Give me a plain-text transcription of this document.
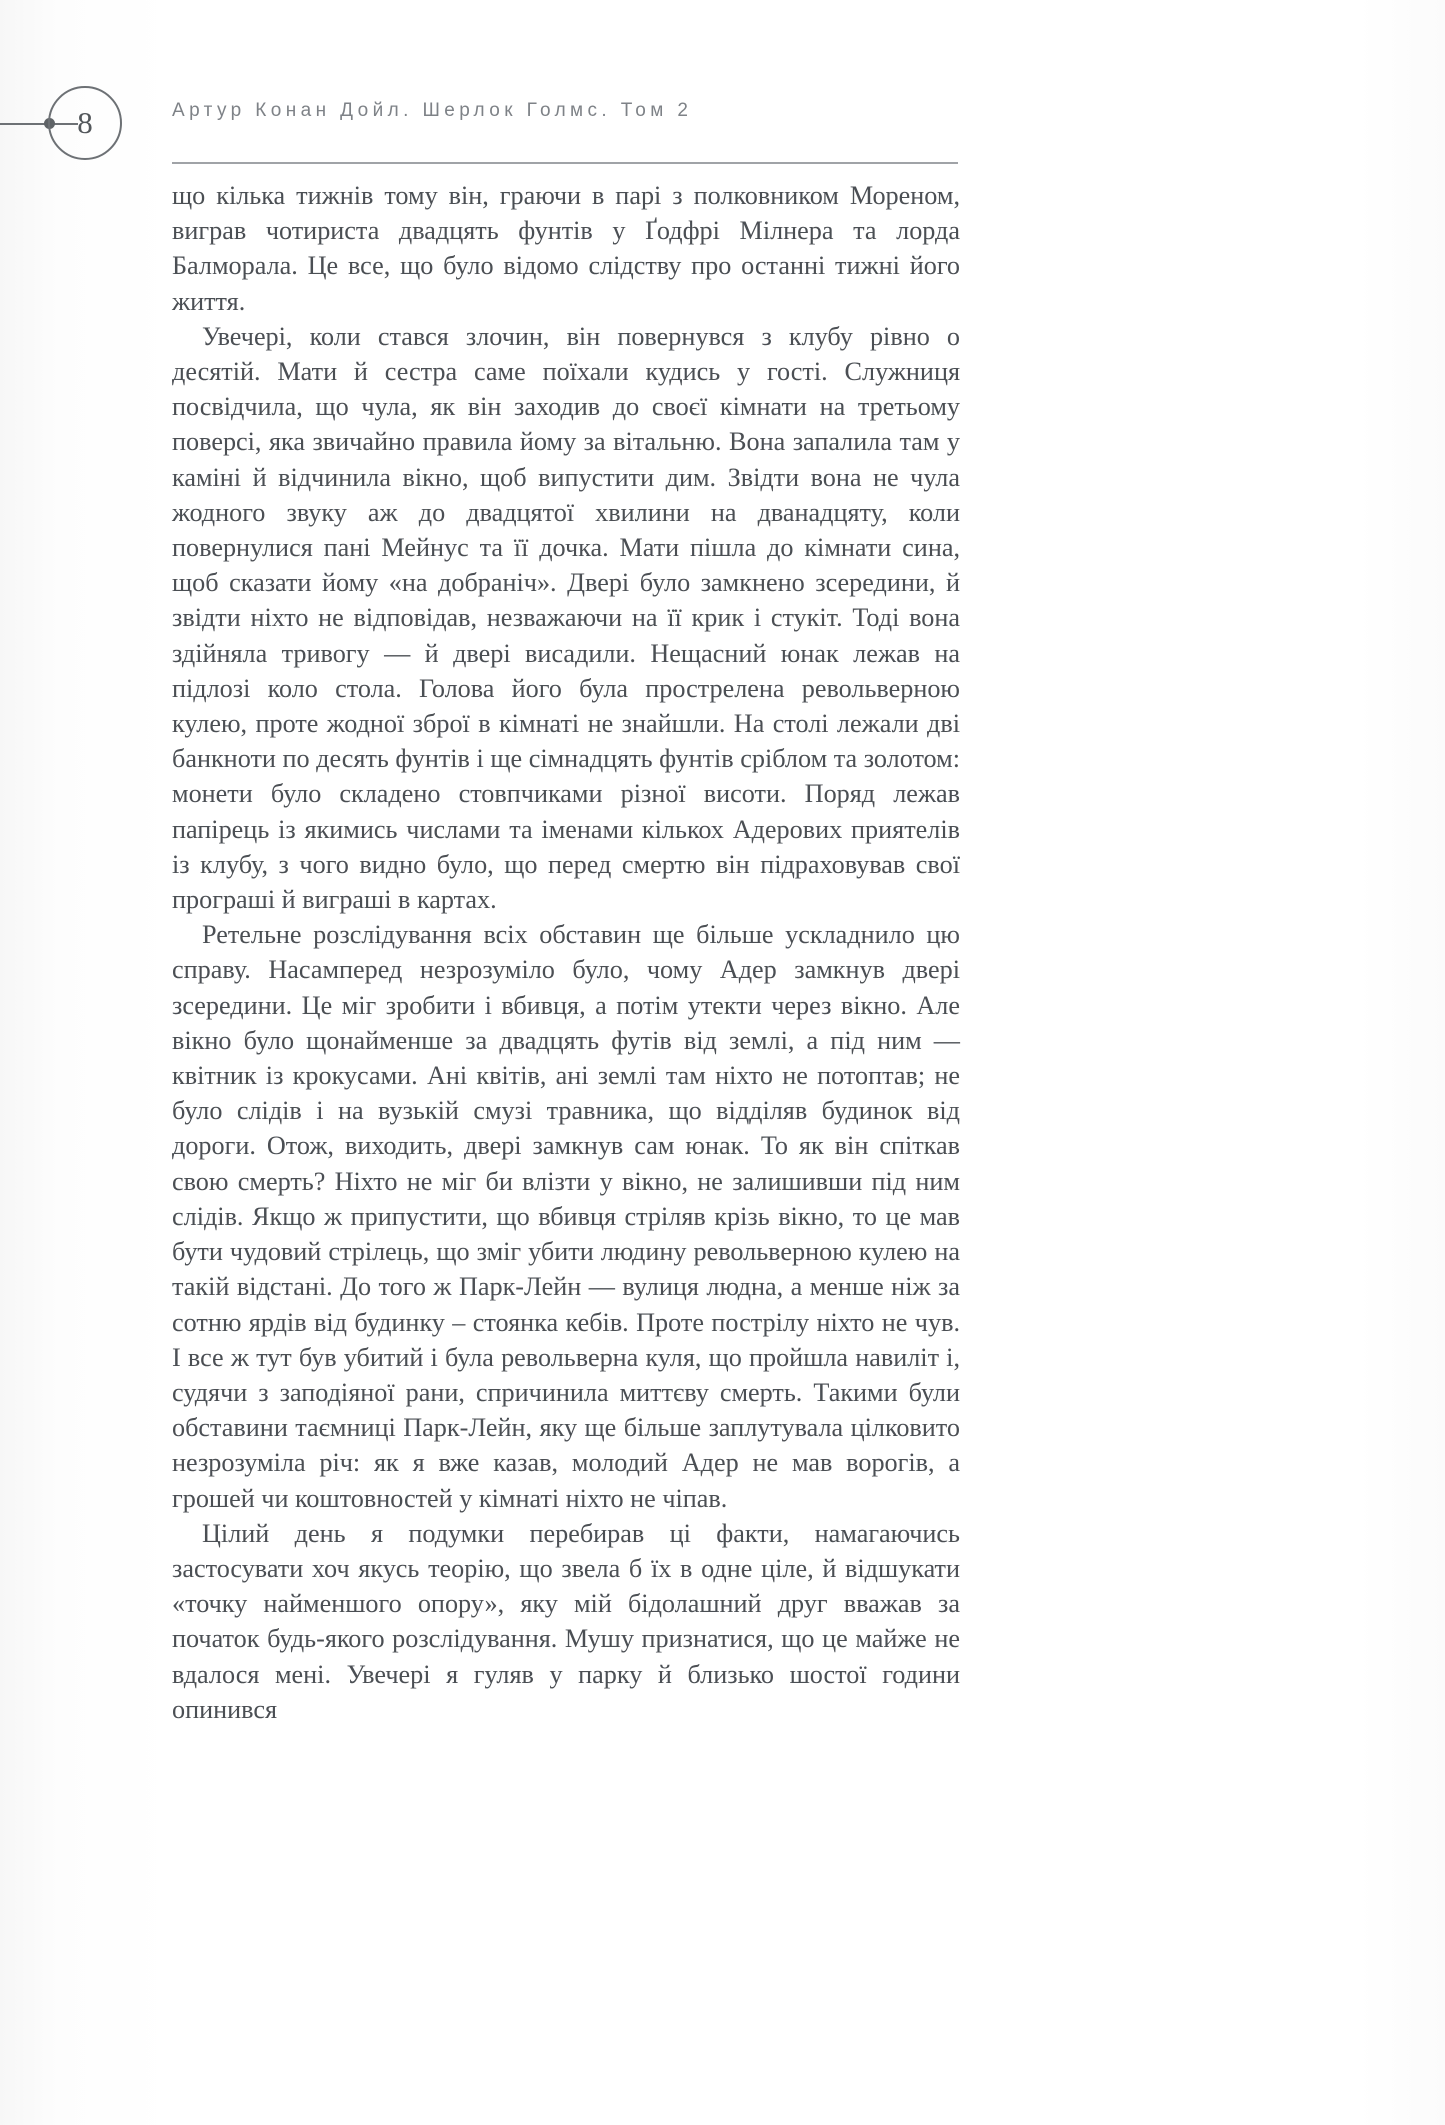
8	Артур Конан Дойл. Шерлок Голмс. Том 2

що кілька тижнів тому він, граючи в парі з полковником Мореном, виграв чотириста двадцять фунтів у Ґодфрі Мілнера та лорда Балморала. Це все, що було відомо слідству про останні тижні його життя.

Увечері, коли стався злочин, він повернувся з клубу рівно о десятій. Мати й сестра саме поїхали кудись у гості. Служниця посвідчила, що чула, як він заходив до своєї кімнати на третьому поверсі, яка звичайно правила йому за вітальню. Вона запалила там у каміні й відчинила вікно, щоб випустити дим. Звідти вона не чула жодного звуку аж до двадцятої хвилини на дванадцяту, коли повернулися пані Мейнус та її дочка. Мати пішла до кімнати сина, щоб сказати йому «на добраніч». Двері було замкнено зсередини, й звідти ніхто не відповідав, незважаючи на її крик і стукіт. Тоді вона здійняла тривогу — й двері висадили. Нещасний юнак лежав на підлозі коло стола. Голова його була прострелена револьверною кулею, проте жодної зброї в кімнаті не знайшли. На столі лежали дві банкноти по десять фунтів і ще сімнадцять фунтів сріблом та золотом: монети було складено стовпчиками різної висоти. Поряд лежав папірець із якимись числами та іменами кількох Адерових приятелів із клубу, з чого видно було, що перед смертю він підраховував свої програші й виграші в картах.

Ретельне розслідування всіх обставин ще більше ускладнило цю справу. Насамперед незрозуміло було, чому Адер замкнув двері зсередини. Це міг зробити і вбивця, а потім утекти через вікно. Але вікно було щонайменше за двадцять футів від землі, а під ним — квітник із крокусами. Ані квітів, ані землі там ніхто не потоптав; не було слідів і на вузькій смузі травника, що відділяв будинок від дороги. Отож, виходить, двері замкнув сам юнак. То як він спіткав свою смерть? Ніхто не міг би влізти у вікно, не залишивши під ним слідів. Якщо ж припустити, що вбивця стріляв крізь вікно, то це мав бути чудовий стрілець, що зміг убити людину револьверною кулею на такій відстані. До того ж Парк-Лейн — вулиця людна, а менше ніж за сотню ярдів від будинку – стоянка кебів. Проте пострілу ніхто не чув. І все ж тут був убитий і була револьверна куля, що пройшла навиліт і, судячи з заподіяної рани, спричинила миттєву смерть. Такими були обставини таємниці Парк-Лейн, яку ще більше заплутувала цілковито незрозуміла річ: як я вже казав, молодий Адер не мав ворогів, а грошей чи коштовностей у кімнаті ніхто не чіпав.

Цілий день я подумки перебирав ці факти, намагаючись застосувати хоч якусь теорію, що звела б їх в одне ціле, й відшукати «точку найменшого опору», яку мій бідолашний друг вважав за початок будь-якого розслідування. Мушу признатися, що це майже не вдалося мені. Увечері я гуляв у парку й близько шостої години опинився
